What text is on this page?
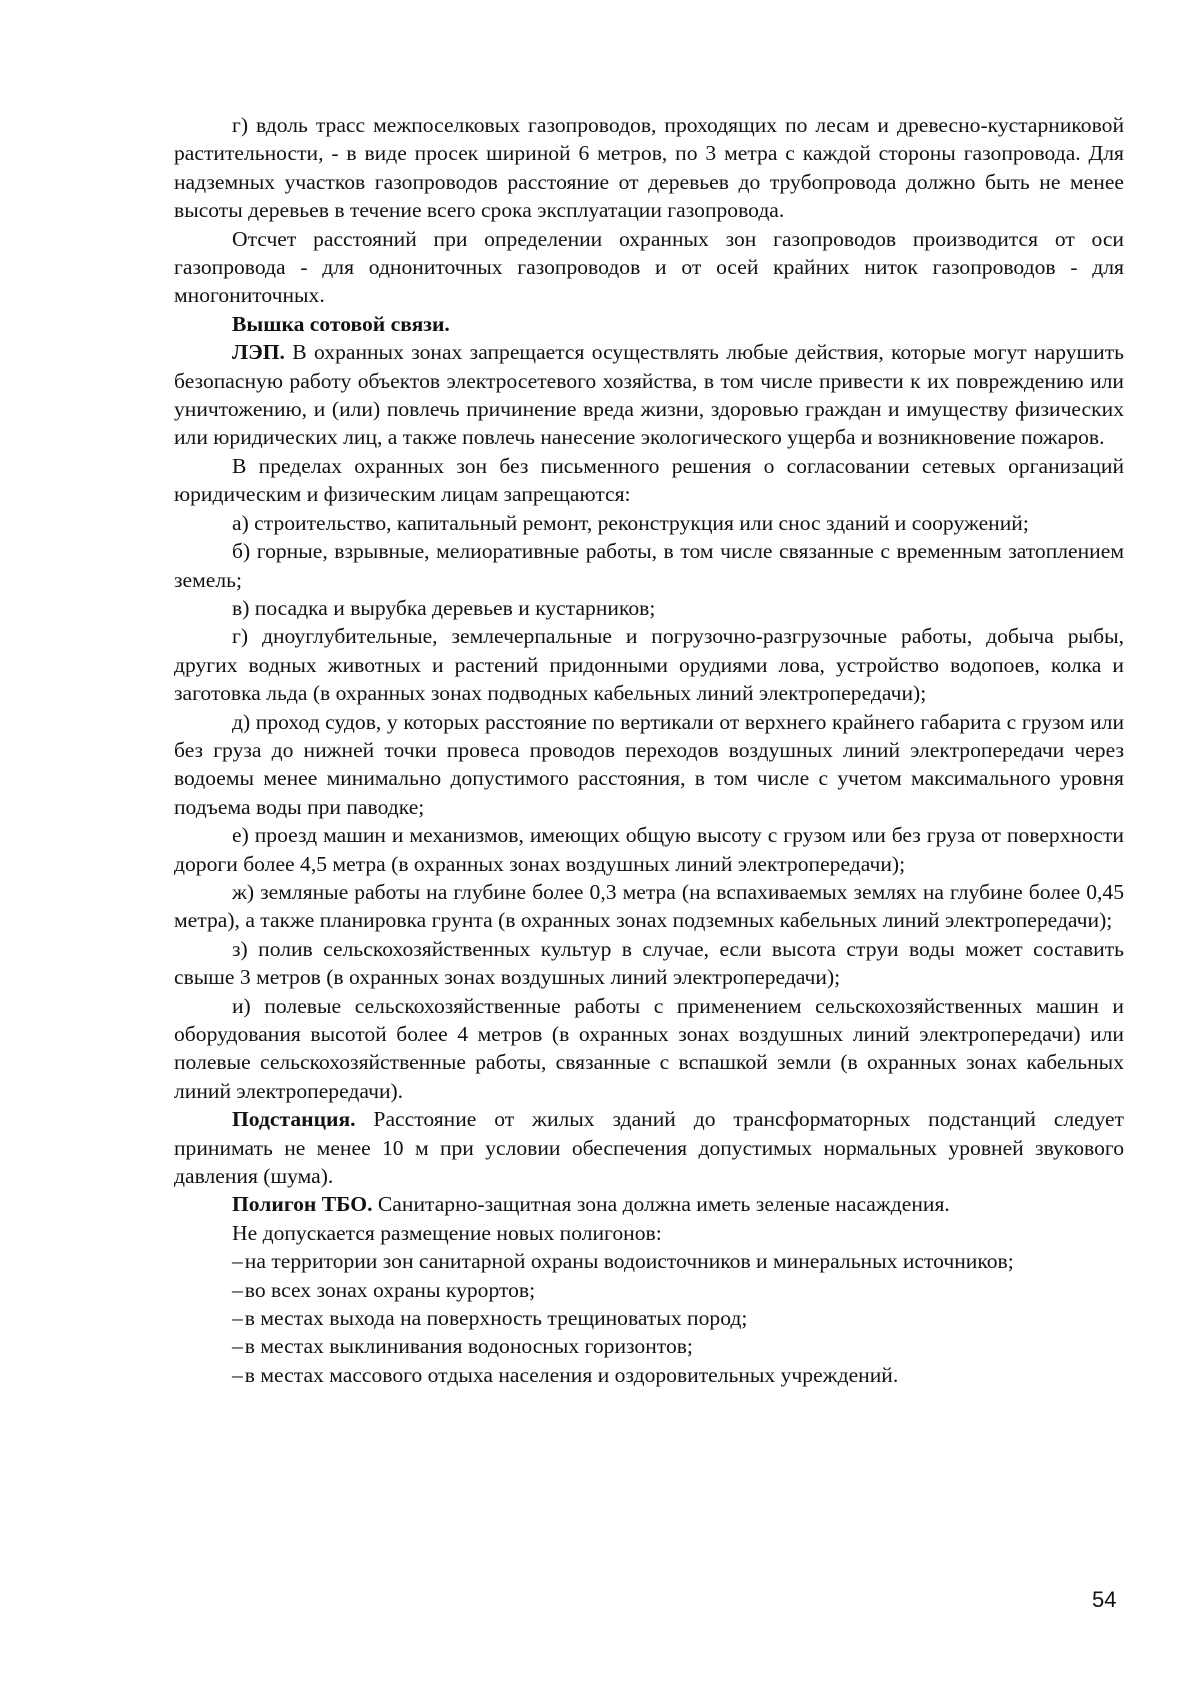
г) вдоль трасс межпоселковых газопроводов, проходящих по лесам и древесно-кустарниковой растительности, - в виде просек шириной 6 метров, по 3 метра с каждой стороны газопровода. Для надземных участков газопроводов расстояние от деревьев до трубопровода должно быть не менее высоты деревьев в течение всего срока эксплуатации газопровода.

Отсчет расстояний при определении охранных зон газопроводов производится от оси газопровода - для однониточных газопроводов и от осей крайних ниток газопроводов - для многониточных.

Вышка сотовой связи.

ЛЭП. В охранных зонах запрещается осуществлять любые действия, которые могут нарушить безопасную работу объектов электросетевого хозяйства, в том числе привести к их повреждению или уничтожению, и (или) повлечь причинение вреда жизни, здоровью граждан и имуществу физических или юридических лиц, а также повлечь нанесение экологического ущерба и возникновение пожаров.

В пределах охранных зон без письменного решения о согласовании сетевых организаций юридическим и физическим лицам запрещаются:

а) строительство, капитальный ремонт, реконструкция или снос зданий и сооружений;

б) горные, взрывные, мелиоративные работы, в том числе связанные с временным затоплением земель;

в) посадка и вырубка деревьев и кустарников;

г) дноуглубительные, землечерпальные и погрузочно-разгрузочные работы, добыча рыбы, других водных животных и растений придонными орудиями лова, устройство водопоев, колка и заготовка льда (в охранных зонах подводных кабельных линий электропередачи);

д) проход судов, у которых расстояние по вертикали от верхнего крайнего габарита с грузом или без груза до нижней точки провеса проводов переходов воздушных линий электропередачи через водоемы менее минимально допустимого расстояния, в том числе с учетом максимального уровня подъема воды при паводке;

е) проезд машин и механизмов, имеющих общую высоту с грузом или без груза от поверхности дороги более 4,5 метра (в охранных зонах воздушных линий электропередачи);

ж) земляные работы на глубине более 0,3 метра (на вспахиваемых землях на глубине более 0,45 метра), а также планировка грунта (в охранных зонах подземных кабельных линий электропередачи);

з) полив сельскохозяйственных культур в случае, если высота струи воды может составить свыше 3 метров (в охранных зонах воздушных линий электропередачи);

и) полевые сельскохозяйственные работы с применением сельскохозяйственных машин и оборудования высотой более 4 метров (в охранных зонах воздушных линий электропередачи) или полевые сельскохозяйственные работы, связанные с вспашкой земли (в охранных зонах кабельных линий электропередачи).

Подстанция. Расстояние от жилых зданий до трансформаторных подстанций следует принимать не менее 10 м при условии обеспечения допустимых нормальных уровней звукового давления (шума).

Полигон ТБО. Санитарно-защитная зона должна иметь зеленые насаждения.

Не допускается размещение новых полигонов:

–на территории зон санитарной охраны водоисточников и минеральных источников;

–во всех зонах охраны курортов;

–в местах выхода на поверхность трещиноватых пород;

–в местах выклинивания водоносных горизонтов;

–в местах массового отдыха населения и оздоровительных учреждений.

54
